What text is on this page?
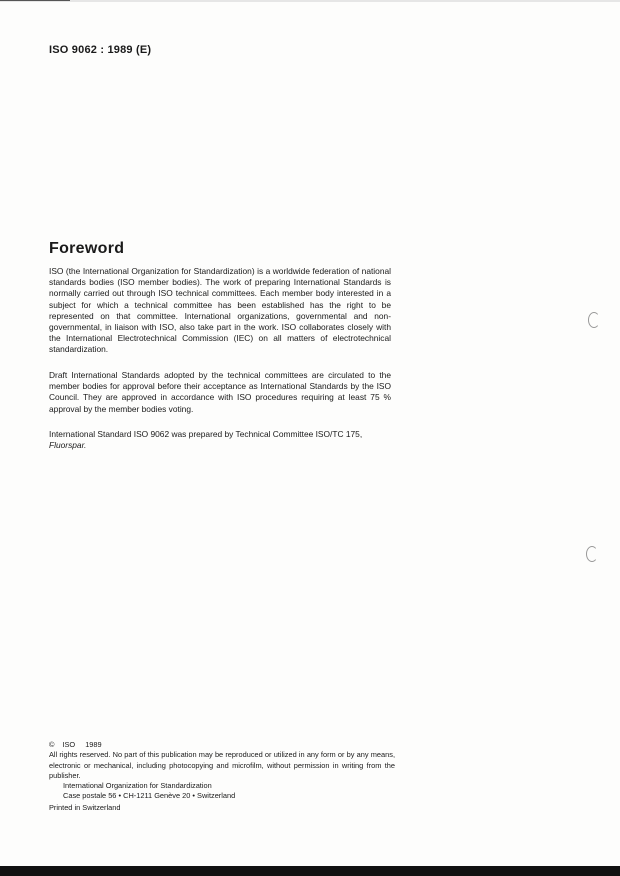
ISO 9062 : 1989 (E)
Foreword

ISO (the International Organization for Standardization) is a worldwide federation of national standards bodies (ISO member bodies). The work of preparing International Standards is normally carried out through ISO technical committees. Each member body interested in a subject for which a technical committee has been established has the right to be represented on that committee. International organizations, governmental and non-governmental, in liaison with ISO, also take part in the work. ISO collaborates closely with the International Electrotechnical Commission (IEC) on all matters of electrotechnical standardization.

Draft International Standards adopted by the technical committees are circulated to the member bodies for approval before their acceptance as International Standards by the ISO Council. They are approved in accordance with ISO procedures requiring at least 75 % approval by the member bodies voting.

International Standard ISO 9062 was prepared by Technical Committee ISO/TC 175,
Fluorspar.

© ISO 1989
All rights reserved. No part of this publication may be reproduced or utilized in any form or by any means, electronic or mechanical, including photocopying and microfilm, without permission in writing from the publisher.
International Organization for Standardization
Case postale 56 • CH-1211 Genève 20 • Switzerland
Printed in Switzerland
